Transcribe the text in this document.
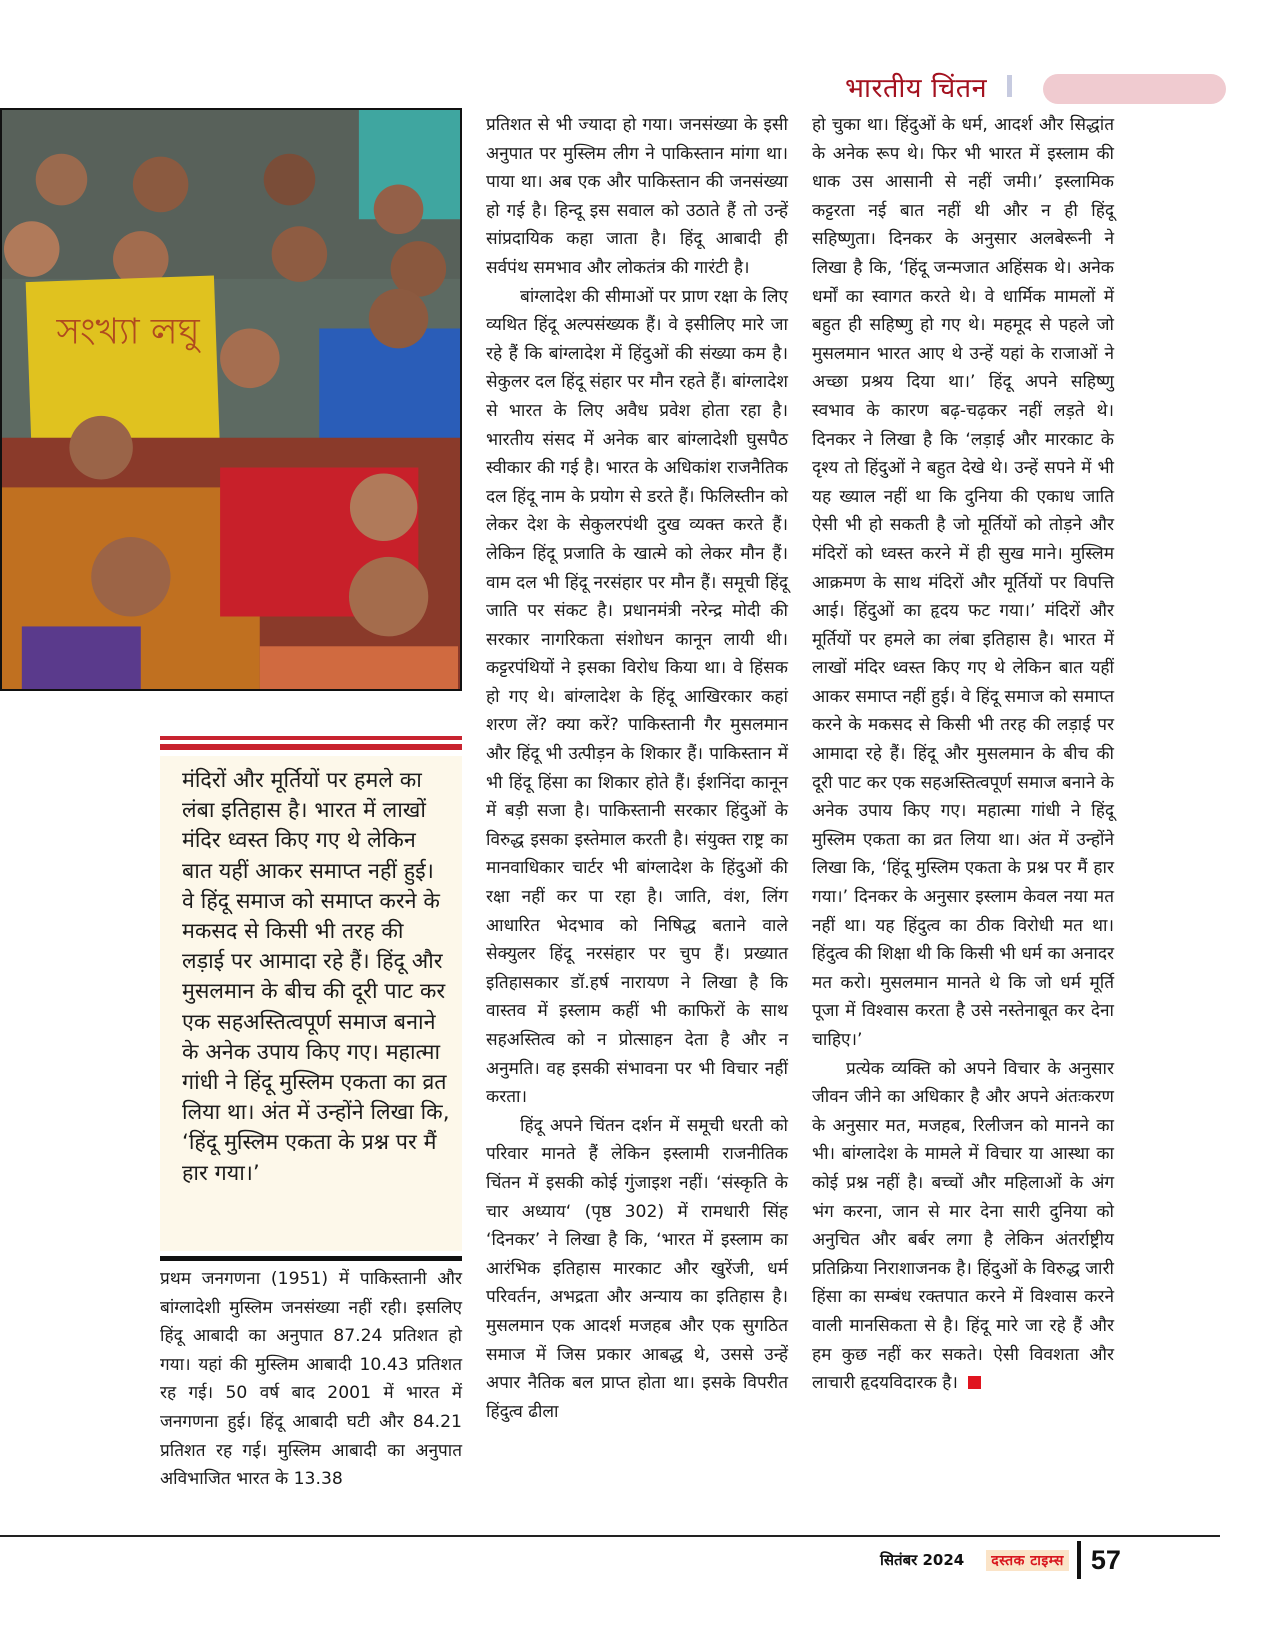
भारतीय चिंतन
সংখ্যা লঘু

मंदिरों और मूर्तियों पर हमले का लंबा इतिहास है। भारत में लाखों मंदिर ध्वस्त किए गए थे लेकिन बात यहीं आकर समाप्त नहीं हुई। वे हिंदू समाज को समाप्त करने के मकसद से किसी भी तरह की लड़ाई पर आमादा रहे हैं। हिंदू और मुसलमान के बीच की दूरी पाट कर एक सहअस्तित्वपूर्ण समाज बनाने के अनेक उपाय किए गए। महात्मा गांधी ने हिंदू मुस्लिम एकता का व्रत लिया था। अंत में उन्होंने लिखा कि, ‘हिंदू मुस्लिम एकता के प्रश्न पर मैं हार गया।’

प्रथम जनगणना (1951) में पाकिस्तानी और बांग्लादेशी मुस्लिम जनसंख्या नहीं रही। इसलिए हिंदू आबादी का अनुपात 87.24 प्रतिशत हो गया। यहां की मुस्लिम आबादी 10.43 प्रतिशत रह गई। 50 वर्ष बाद 2001 में भारत में जनगणना हुई। हिंदू आबादी घटी और 84.21 प्रतिशत रह गई। मुस्लिम आबादी का अनुपात अविभाजित भारत के 13.38

प्रतिशत से भी ज्यादा हो गया। जनसंख्या के इसी अनुपात पर मुस्लिम लीग ने पाकिस्तान मांगा था। पाया था। अब एक और पाकिस्तान की जनसंख्या हो गई है। हिन्दू इस सवाल को उठाते हैं तो उन्हें सांप्रदायिक कहा जाता है। हिंदू आबादी ही सर्वपंथ समभाव और लोकतंत्र की गारंटी है।

बांग्लादेश की सीमाओं पर प्राण रक्षा के लिए व्यथित हिंदू अल्पसंख्यक हैं। वे इसीलिए मारे जा रहे हैं कि बांग्लादेश में हिंदुओं की संख्या कम है। सेकुलर दल हिंदू संहार पर मौन रहते हैं। बांग्लादेश से भारत के लिए अवैध प्रवेश होता रहा है। भारतीय संसद में अनेक बार बांग्लादेशी घुसपैठ स्वीकार की गई है। भारत के अधिकांश राजनैतिक दल हिंदू नाम के प्रयोग से डरते हैं। फिलिस्तीन को लेकर देश के सेकुलरपंथी दुख व्यक्त करते हैं। लेकिन हिंदू प्रजाति के खात्मे को लेकर मौन हैं। वाम दल भी हिंदू नरसंहार पर मौन हैं। समूची हिंदू जाति पर संकट है। प्रधानमंत्री नरेन्द्र मोदी की सरकार नागरिकता संशोधन कानून लायी थी। कट्टरपंथियों ने इसका विरोध किया था। वे हिंसक हो गए थे। बांग्लादेश के हिंदू आखिरकार कहां शरण लें? क्या करें? पाकिस्तानी गैर मुसलमान और हिंदू भी उत्पीड़न के शिकार हैं। पाकिस्तान में भी हिंदू हिंसा का शिकार होते हैं। ईशनिंदा कानून में बड़ी सजा है। पाकिस्तानी सरकार हिंदुओं के विरुद्ध इसका इस्तेमाल करती है। संयुक्त राष्ट्र का मानवाधिकार चार्टर भी बांग्लादेश के हिंदुओं की रक्षा नहीं कर पा रहा है। जाति, वंश, लिंग आधारित भेदभाव को निषिद्ध बताने वाले सेक्युलर हिंदू नरसंहार पर चुप हैं। प्रख्यात इतिहासकार डॉ.हर्ष नारायण ने लिखा है कि वास्तव में इस्लाम कहीं भी काफिरों के साथ सहअस्तित्व को न प्रोत्साहन देता है और न अनुमति। वह इसकी संभावना पर भी विचार नहीं करता।

हिंदू अपने चिंतन दर्शन में समूची धरती को परिवार मानते हैं लेकिन इस्लामी राजनीतिक चिंतन में इसकी कोई गुंजाइश नहीं। ‘संस्कृति के चार अध्याय‘ (पृष्ठ 302) में रामधारी सिंह ‘दिनकर’ ने लिखा है कि, ‘भारत में इस्लाम का आरंभिक इतिहास मारकाट और खुरेंजी, धर्म परिवर्तन, अभद्रता और अन्याय का इतिहास है। मुसलमान एक आदर्श मजहब और एक सुगठित समाज में जिस प्रकार आबद्ध थे, उससे उन्हें अपार नैतिक बल प्राप्त होता था। इसके विपरीत हिंदुत्व ढीला

हो चुका था। हिंदुओं के धर्म, आदर्श और सिद्धांत के अनेक रूप थे। फिर भी भारत में इस्लाम की धाक उस आसानी से नहीं जमी।’ इस्लामिक कट्टरता नई बात नहीं थी और न ही हिंदू सहिष्णुता। दिनकर के अनुसार अलबेरूनी ने लिखा है कि, ‘हिंदू जन्मजात अहिंसक थे। अनेक धर्मों का स्वागत करते थे। वे धार्मिक मामलों में बहुत ही सहिष्णु हो गए थे। महमूद से पहले जो मुसलमान भारत आए थे उन्हें यहां के राजाओं ने अच्छा प्रश्रय दिया था।’ हिंदू अपने सहिष्णु स्वभाव के कारण बढ़-चढ़कर नहीं लड़ते थे। दिनकर ने लिखा है कि ‘लड़ाई और मारकाट के दृश्य तो हिंदुओं ने बहुत देखे थे। उन्हें सपने में भी यह ख्याल नहीं था कि दुनिया की एकाध जाति ऐसी भी हो सकती है जो मूर्तियों को तोड़ने और मंदिरों को ध्वस्त करने में ही सुख माने। मुस्लिम आक्रमण के साथ मंदिरों और मूर्तियों पर विपत्ति आई। हिंदुओं का हृदय फट गया।’ मंदिरों और मूर्तियों पर हमले का लंबा इतिहास है। भारत में लाखों मंदिर ध्वस्त किए गए थे लेकिन बात यहीं आकर समाप्त नहीं हुई। वे हिंदू समाज को समाप्त करने के मकसद से किसी भी तरह की लड़ाई पर आमादा रहे हैं। हिंदू और मुसलमान के बीच की दूरी पाट कर एक सहअस्तित्वपूर्ण समाज बनाने के अनेक उपाय किए गए। महात्मा गांधी ने हिंदू मुस्लिम एकता का व्रत लिया था। अंत में उन्होंने लिखा कि, ‘हिंदू मुस्लिम एकता के प्रश्न पर मैं हार गया।’ दिनकर के अनुसार इस्लाम केवल नया मत नहीं था। यह हिंदुत्व का ठीक विरोधी मत था। हिंदुत्व की शिक्षा थी कि किसी भी धर्म का अनादर मत करो। मुसलमान मानते थे कि जो धर्म मूर्ति पूजा में विश्वास करता है उसे नस्तेनाबूत कर देना चाहिए।’

प्रत्येक व्यक्ति को अपने विचार के अनुसार जीवन जीने का अधिकार है और अपने अंतःकरण के अनुसार मत, मजहब, रिलीजन को मानने का भी। बांग्लादेश के मामले में विचार या आस्था का कोई प्रश्न नहीं है। बच्चों और महिलाओं के अंग भंग करना, जान से मार देना सारी दुनिया को अनुचित और बर्बर लगा है लेकिन अंतर्राष्ट्रीय प्रतिक्रिया निराशाजनक है। हिंदुओं के विरुद्ध जारी हिंसा का सम्बंध रक्तपात करने में विश्वास करने वाली मानसिकता से है। हिंदू मारे जा रहे हैं और हम कुछ नहीं कर सकते। ऐसी विवशता और लाचारी हृदयविदारक है।

सितंबर 2024	दस्तक टाइम्स 57
